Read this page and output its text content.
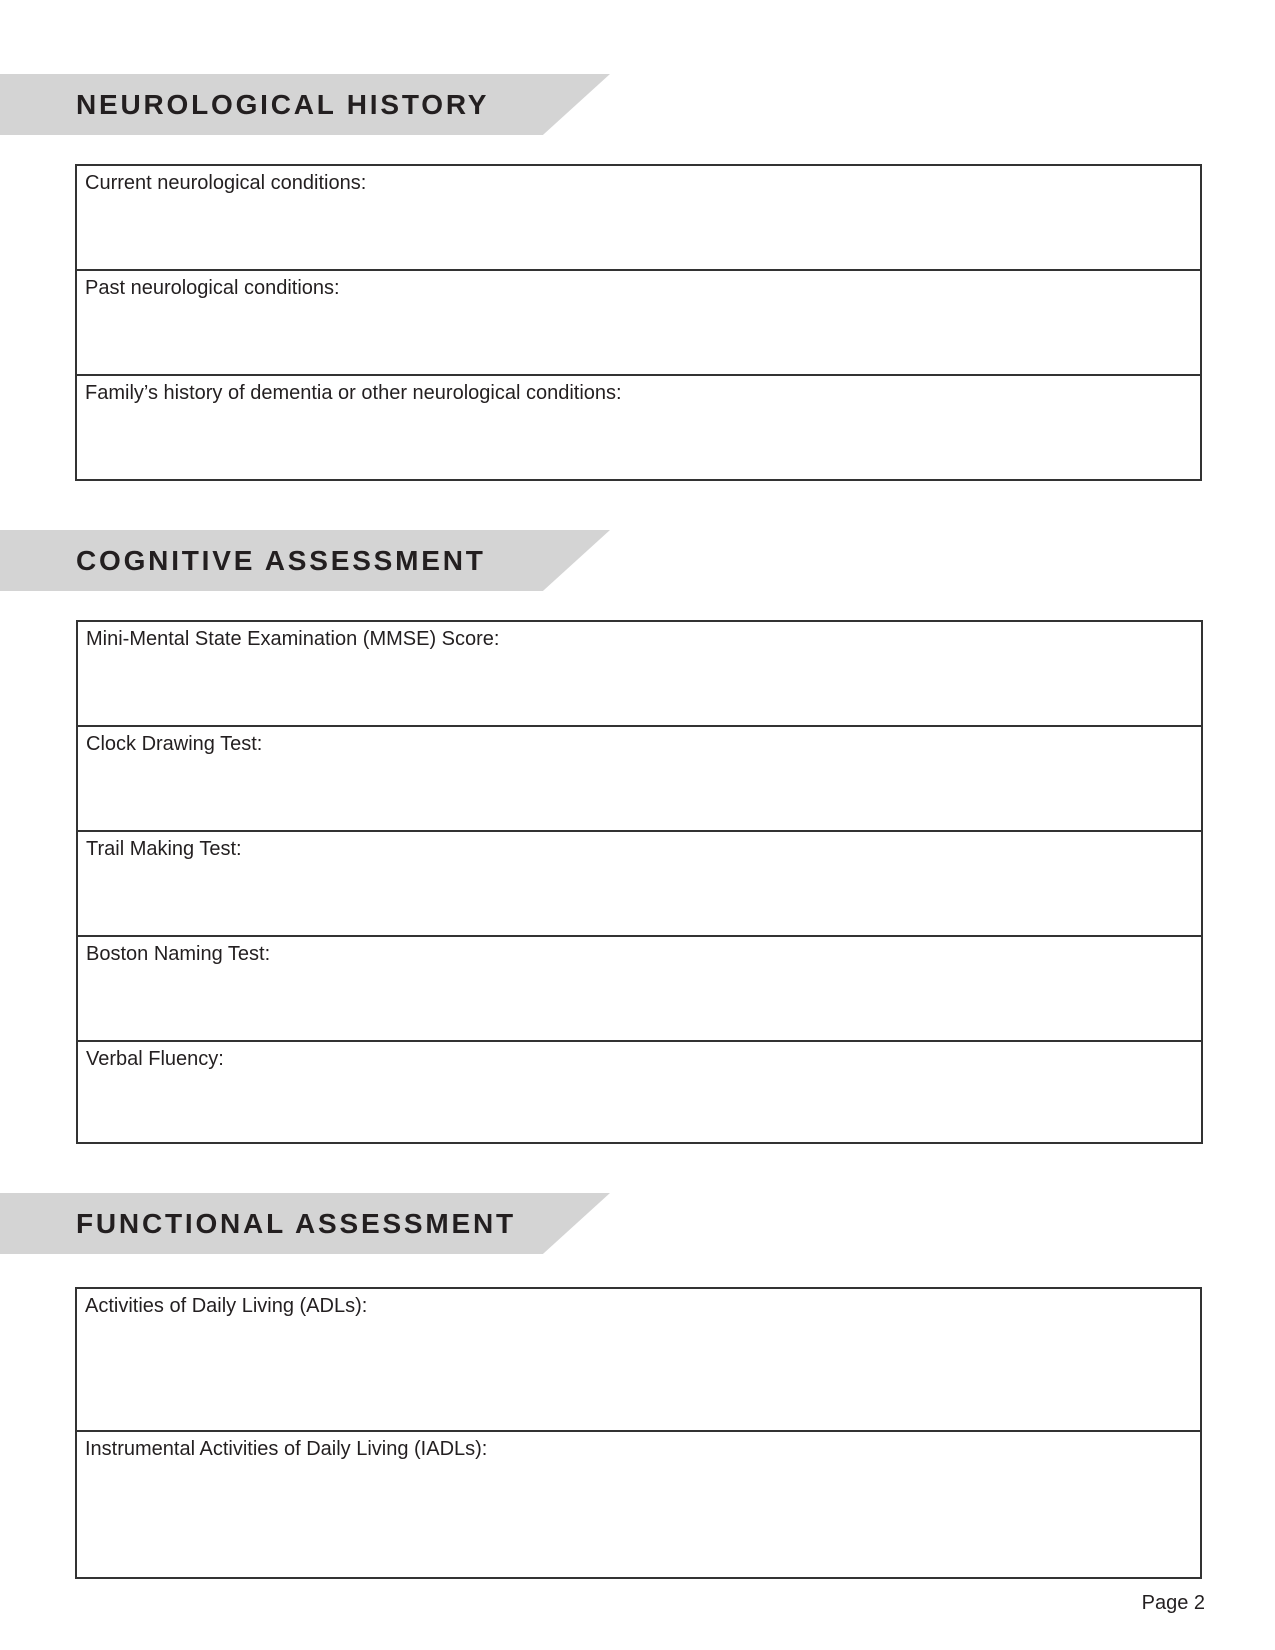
NEUROLOGICAL HISTORY
Current neurological conditions:
Past neurological conditions:
Family’s history of dementia or other neurological conditions:
COGNITIVE ASSESSMENT
Mini-Mental State Examination (MMSE) Score:
Clock Drawing Test:
Trail Making Test:
Boston Naming Test:
Verbal Fluency:
FUNCTIONAL ASSESSMENT
Activities of Daily Living (ADLs):
Instrumental Activities of Daily Living (IADLs):
Page 2
